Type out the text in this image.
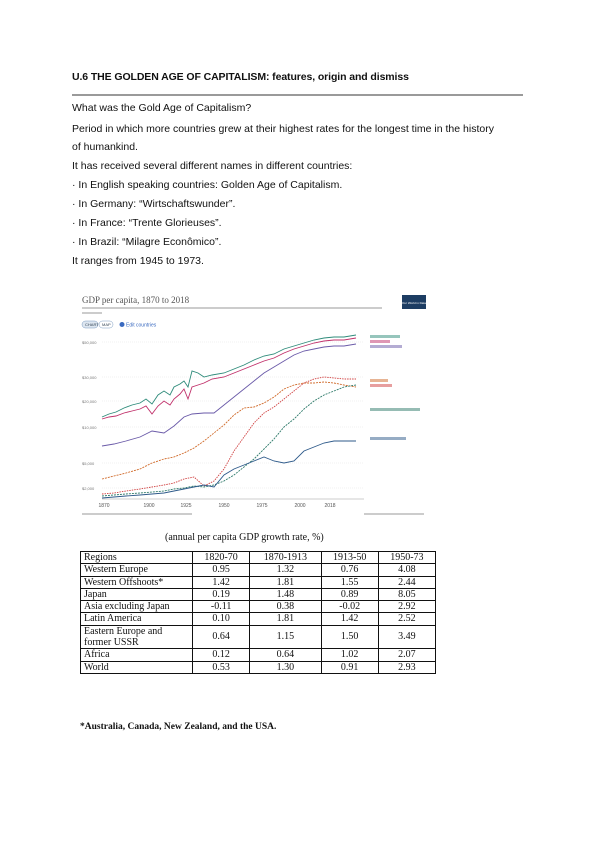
U.6 THE GOLDEN AGE OF CAPITALISM: features, origin and dismiss
What was the Gold Age of Capitalism?
Period in which more countries grew at their highest rates for the longest time in the history
of humankind.
It has received several different names in different countries:
· In English speaking countries: Golden Age of Capitalism.
· In Germany: “Wirtschaftswunder”.
· In France: “Trente Glorieuses”.
· In Brazil: “Milagre Econômico”.
It ranges from 1945 to 1973.
GDP per capita, 1870 to 2018	Our World in Data
CHART MAP	Edit countries
$50,000
$30,000
$20,000
$10,000
$5,000
$2,000
1870	1900	1925	1950	1975	2000	2018
(annual per capita GDP growth rate, %)
Regions	1820-70	1870-1913	1913-50	1950-73
Western Europe	0.95	1.32	0.76	4.08
Western Offshoots*	1.42	1.81	1.55	2.44
Japan	0.19	1.48	0.89	8.05
Asia excluding Japan	-0.11	0.38	-0.02	2.92
Latin America	0.10	1.81	1.42	2.52
Eastern Europe and former USSR	0.64	1.15	1.50	3.49
Africa	0.12	0.64	1.02	2.07
World	0.53	1.30	0.91	2.93
*Australia, Canada, New Zealand, and the USA.
